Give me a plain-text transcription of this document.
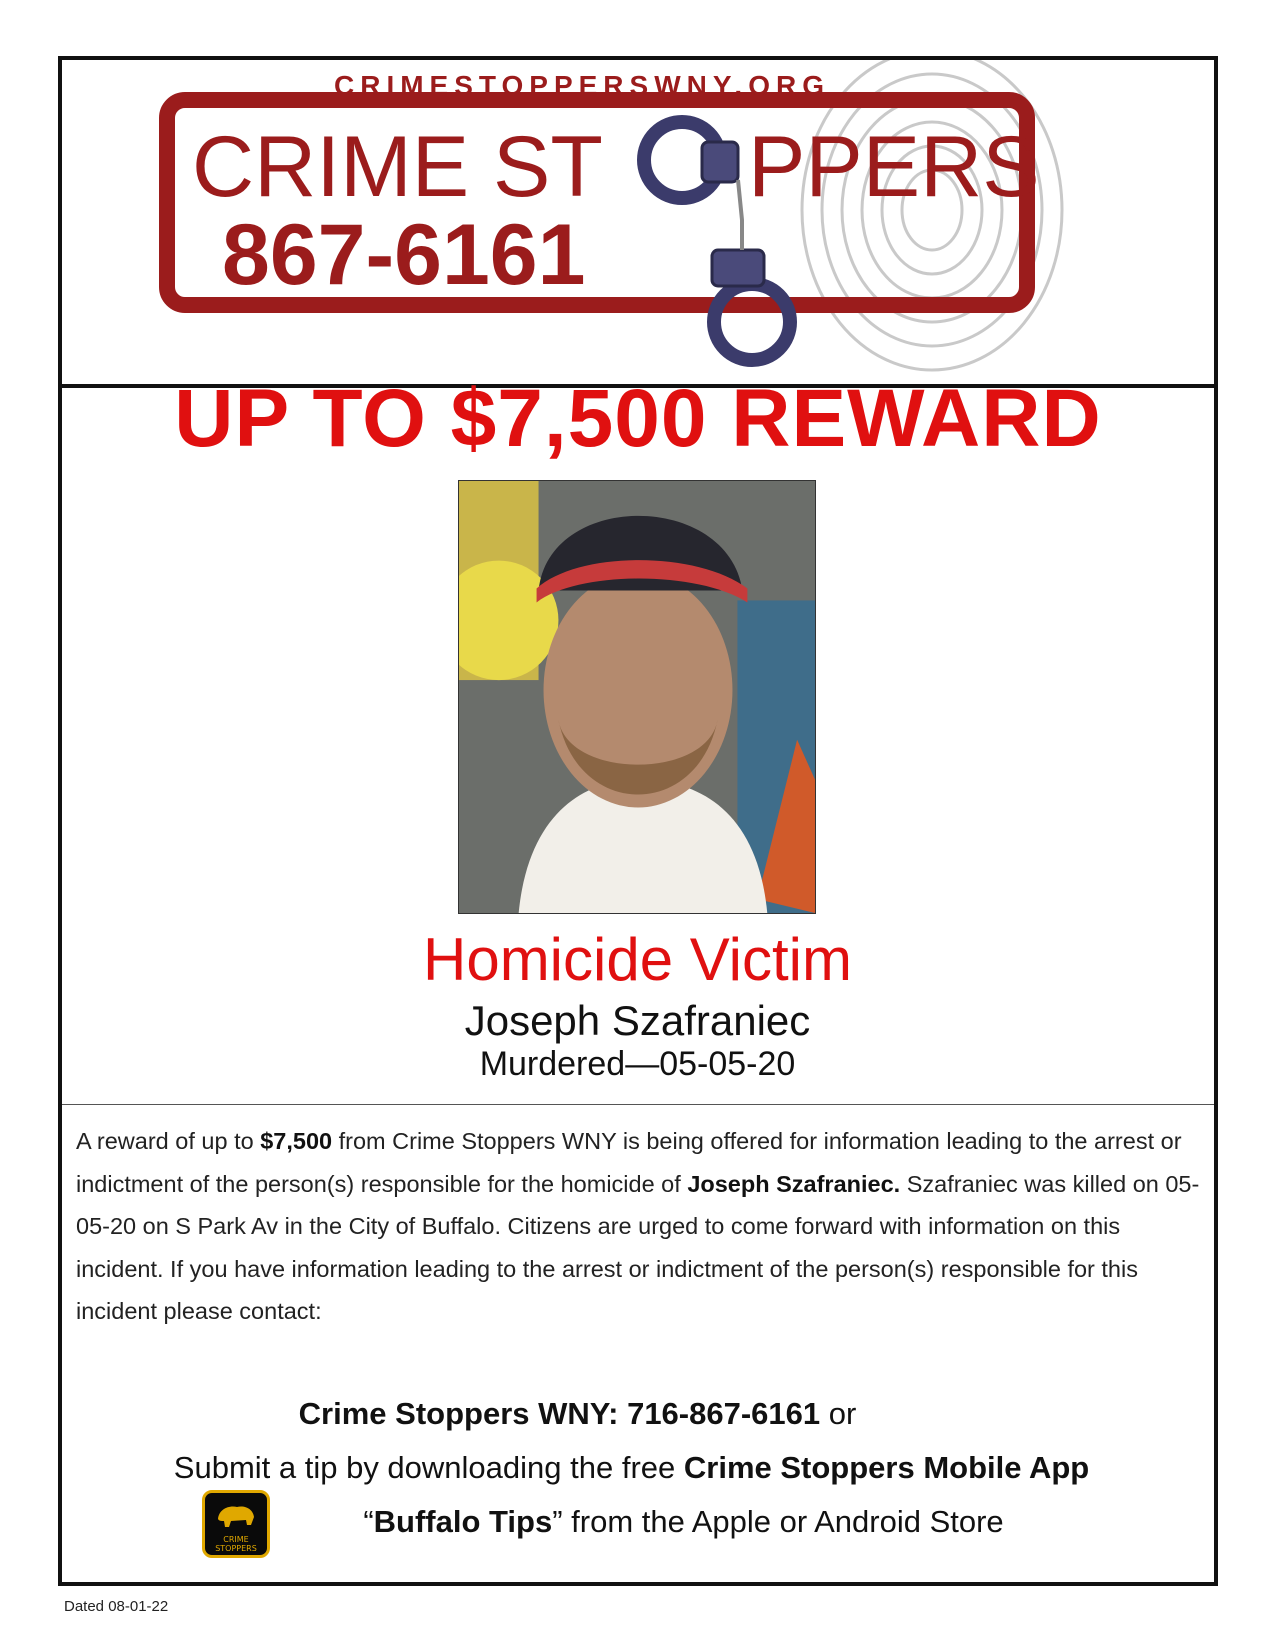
CRIMESTOPPERSWNY.ORG
CRIME ST PPERS
867-6161
UP TO $7,500 REWARD
Homicide Victim
Joseph Szafraniec
Murdered—05-05-20

A reward of up to $7,500 from Crime Stoppers WNY is being offered for information leading to the arrest or indictment of the person(s) responsible for the homicide of Joseph Szafraniec. Szafraniec was killed on 05-05-20 on S Park Av in the City of Buffalo. Citizens are urged to come forward with information on this incident. If you have information leading to the arrest or indictment of the person(s) responsible for this incident please contact:

Crime Stoppers WNY: 716-867-6161 or
Submit a tip by downloading the free Crime Stoppers Mobile App
“Buffalo Tips” from the Apple or Android Store
CRIME
STOPPERS
Dated 08-01-22
